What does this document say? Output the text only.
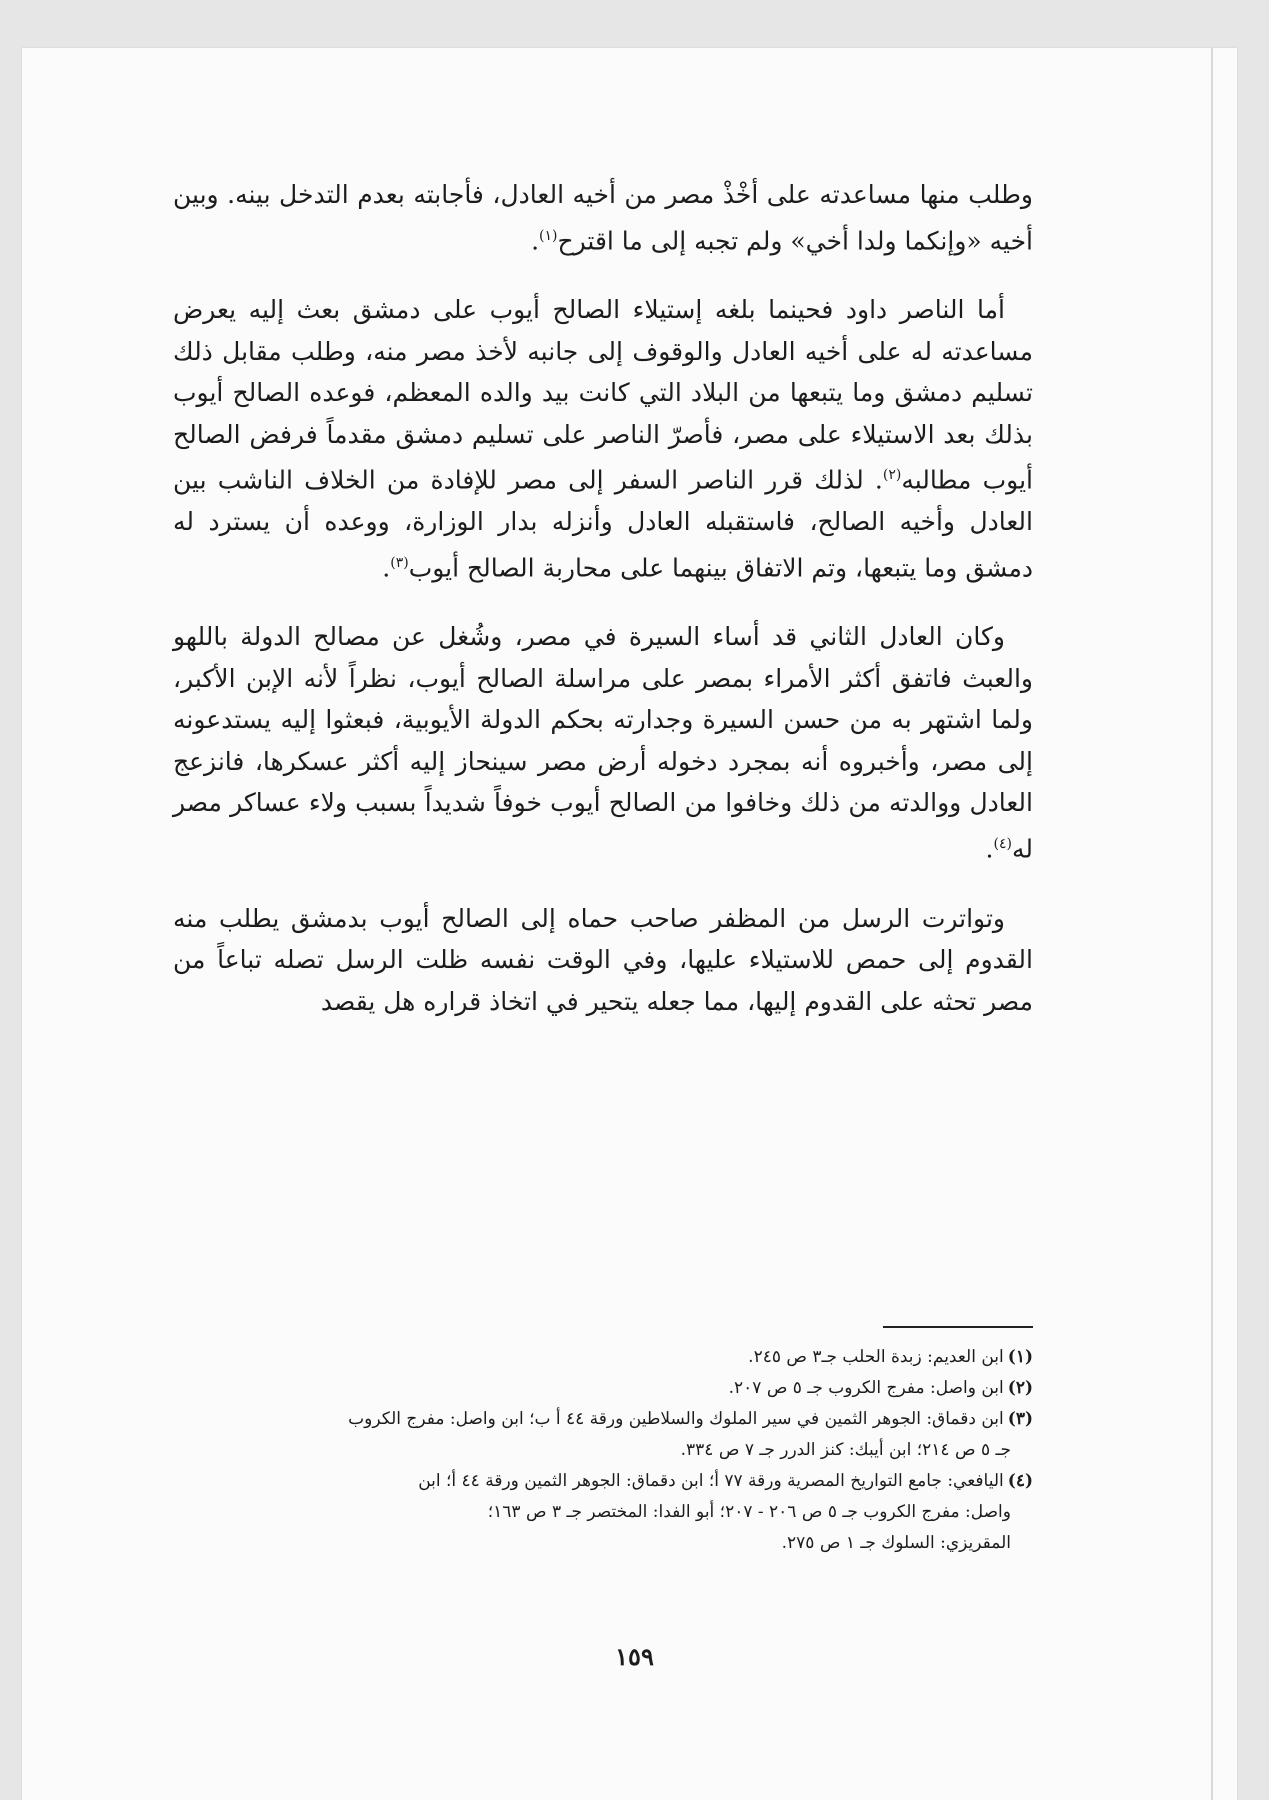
وطلب منها مساعدته على أخْذْ مصر من أخيه العادل، فأجابته بعدم التدخل بينه. وبين أخيه «وإنكما ولدا أخي» ولم تجبه إلى ما اقترح$^{(١)}$.

أما الناصر داود فحينما بلغه إستيلاء الصالح أيوب على دمشق بعث إليه يعرض مساعدته له على أخيه العادل والوقوف إلى جانبه لأخذ مصر منه، وطلب مقابل ذلك تسليم دمشق وما يتبعها من البلاد التي كانت بيد والده المعظم، فوعده الصالح أيوب بذلك بعد الاستيلاء على مصر، فأصرّ الناصر على تسليم دمشق مقدماً فرفض الصالح أيوب مطالبه$^{(٢)}$. لذلك قرر الناصر السفر إلى مصر للإفادة من الخلاف الناشب بين العادل وأخيه الصالح، فاستقبله العادل وأنزله بدار الوزارة، ووعده أن يسترد له دمشق وما يتبعها، وتم الاتفاق بينهما على محاربة الصالح أيوب$^{(٣)}$.

وكان العادل الثاني قد أساء السيرة في مصر، وشُغل عن مصالح الدولة باللهو والعبث فاتفق أكثر الأمراء بمصر على مراسلة الصالح أيوب، نظراً لأنه الإبن الأكبر، ولما اشتهر به من حسن السيرة وجدارته بحكم الدولة الأيوبية، فبعثوا إليه يستدعونه إلى مصر، وأخبروه أنه بمجرد دخوله أرض مصر سينحاز إليه أكثر عسكرها، فانزعج العادل ووالدته من ذلك وخافوا من الصالح أيوب خوفاً شديداً بسبب ولاء عساكر مصر له$^{(٤)}$.

وتواترت الرسل من المظفر صاحب حماه إلى الصالح أيوب بدمشق يطلب منه القدوم إلى حمص للاستيلاء عليها، وفي الوقت نفسه ظلت الرسل تصله تباعاً من مصر تحثه على القدوم إليها، مما جعله يتحير في اتخاذ قراره هل يقصد

(١)ابن العديم: زبدة الحلب جـ٣ ص ٢٤٥.

(٢)ابن واصل: مفرج الكروب جـ ٥ ص ٢٠٧.

(٣)ابن دقماق: الجوهر الثمين في سير الملوك والسلاطين ورقة ٤٤ أ ب؛ ابن واصل: مفرج الكروب
جـ ٥ ص ٢١٤؛ ابن أيبك: كنز الدرر جـ ٧ ص ٣٣٤.

(٤)اليافعي: جامع التواريخ المصرية ورقة ٧٧ أ؛ ابن دقماق: الجوهر الثمين ورقة ٤٤ أ؛ ابن
واصل: مفرج الكروب جـ ٥ ص ٢٠٦ - ٢٠٧؛ أبو الفدا: المختصر جـ ٣ ص ١٦٣؛
المقريزي: السلوك جـ ١ ص ٢٧٥.

١٥٩
